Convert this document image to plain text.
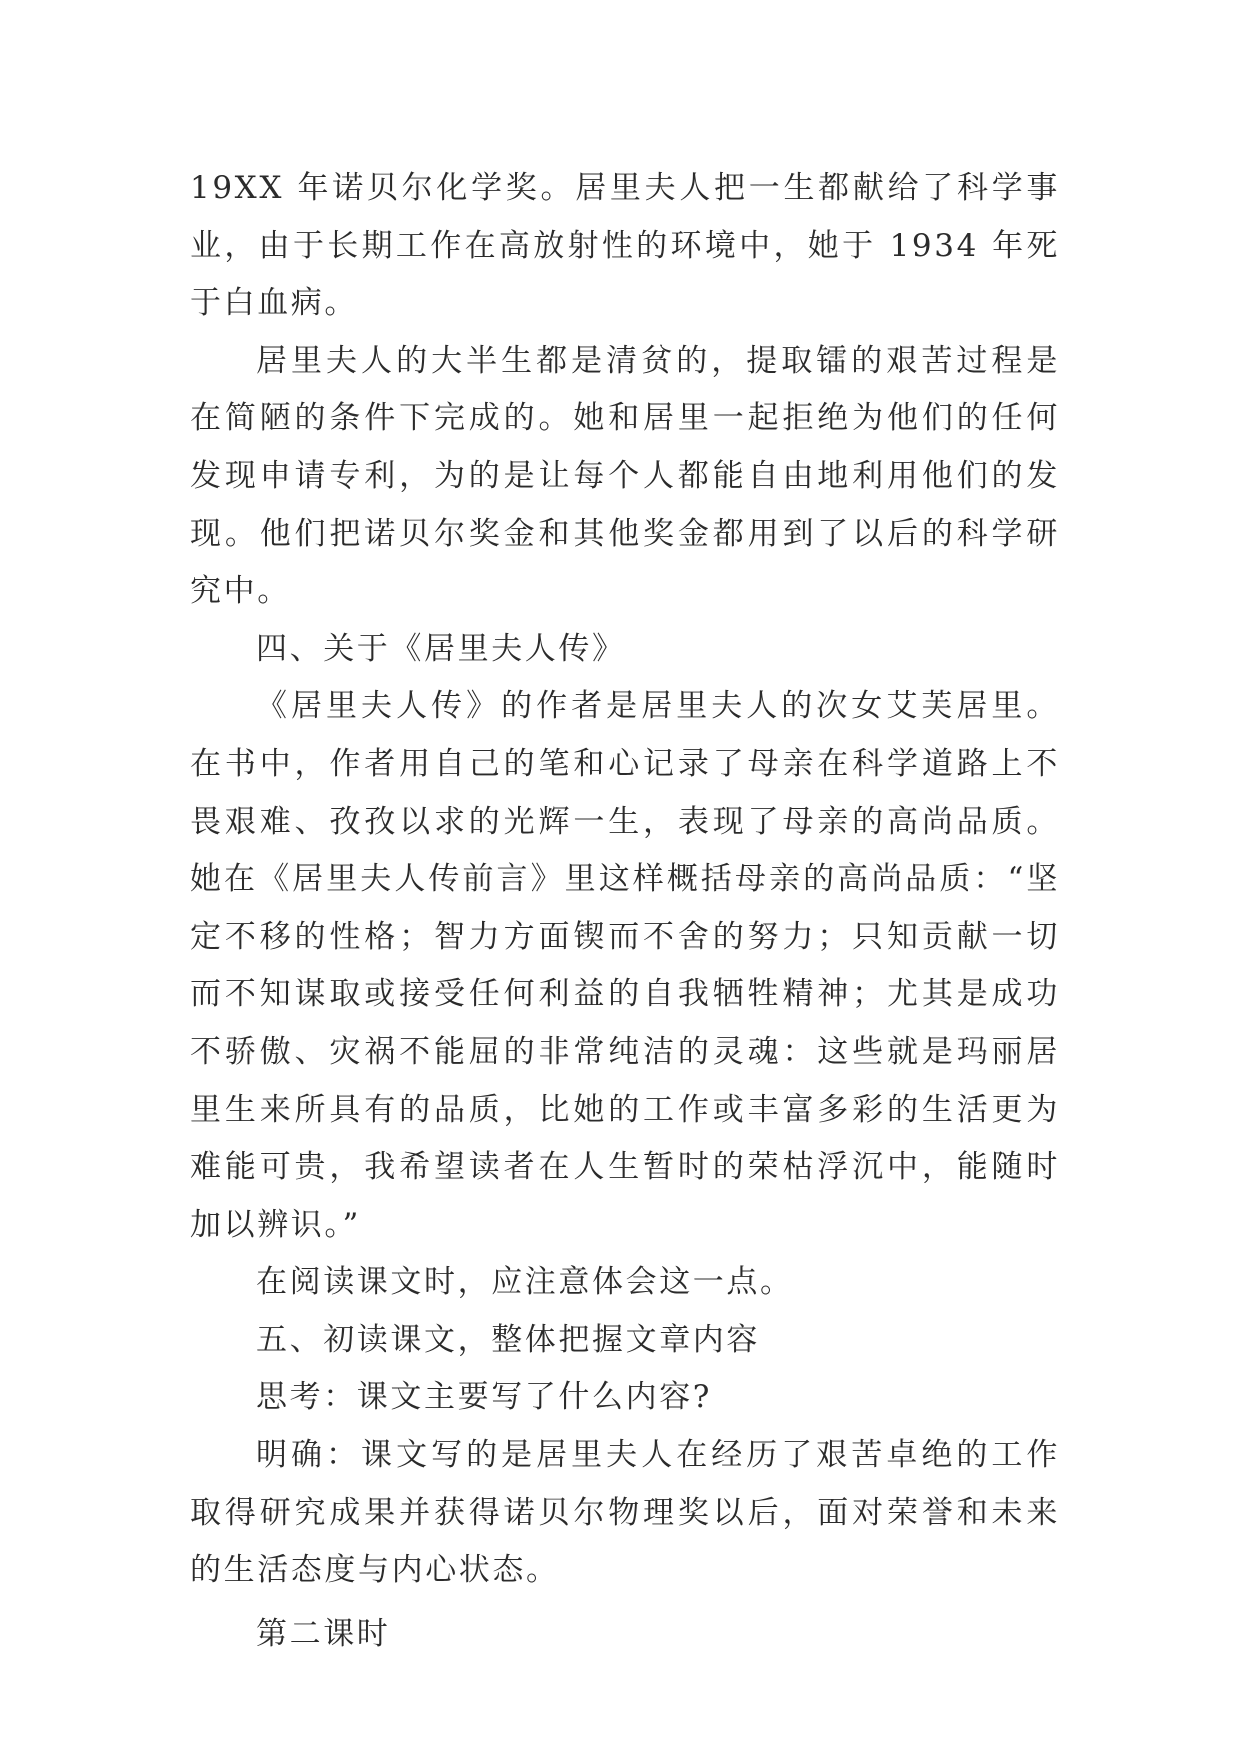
19XX 年诺贝尔化学奖。居里夫人把一生都献给了科学事业，由于长期工作在高放射性的环境中，她于 1934 年死于白血病。

居里夫人的大半生都是清贫的，提取镭的艰苦过程是在简陋的条件下完成的。她和居里一起拒绝为他们的任何发现申请专利，为的是让每个人都能自由地利用他们的发现。他们把诺贝尔奖金和其他奖金都用到了以后的科学研究中。

四、关于《居里夫人传》

《居里夫人传》的作者是居里夫人的次女艾芙居里。在书中，作者用自己的笔和心记录了母亲在科学道路上不畏艰难、孜孜以求的光辉一生，表现了母亲的高尚品质。她在《居里夫人传前言》里这样概括母亲的高尚品质：“坚定不移的性格；智力方面锲而不舍的努力；只知贡献一切而不知谋取或接受任何利益的自我牺牲精神；尤其是成功不骄傲、灾祸不能屈的非常纯洁的灵魂：这些就是玛丽居里生来所具有的品质，比她的工作或丰富多彩的生活更为难能可贵，我希望读者在人生暂时的荣枯浮沉中，能随时加以辨识。”

在阅读课文时，应注意体会这一点。

五、初读课文，整体把握文章内容

思考：课文主要写了什么内容?

明确：课文写的是居里夫人在经历了艰苦卓绝的工作取得研究成果并获得诺贝尔物理奖以后，面对荣誉和未来的生活态度与内心状态。

第二课时
